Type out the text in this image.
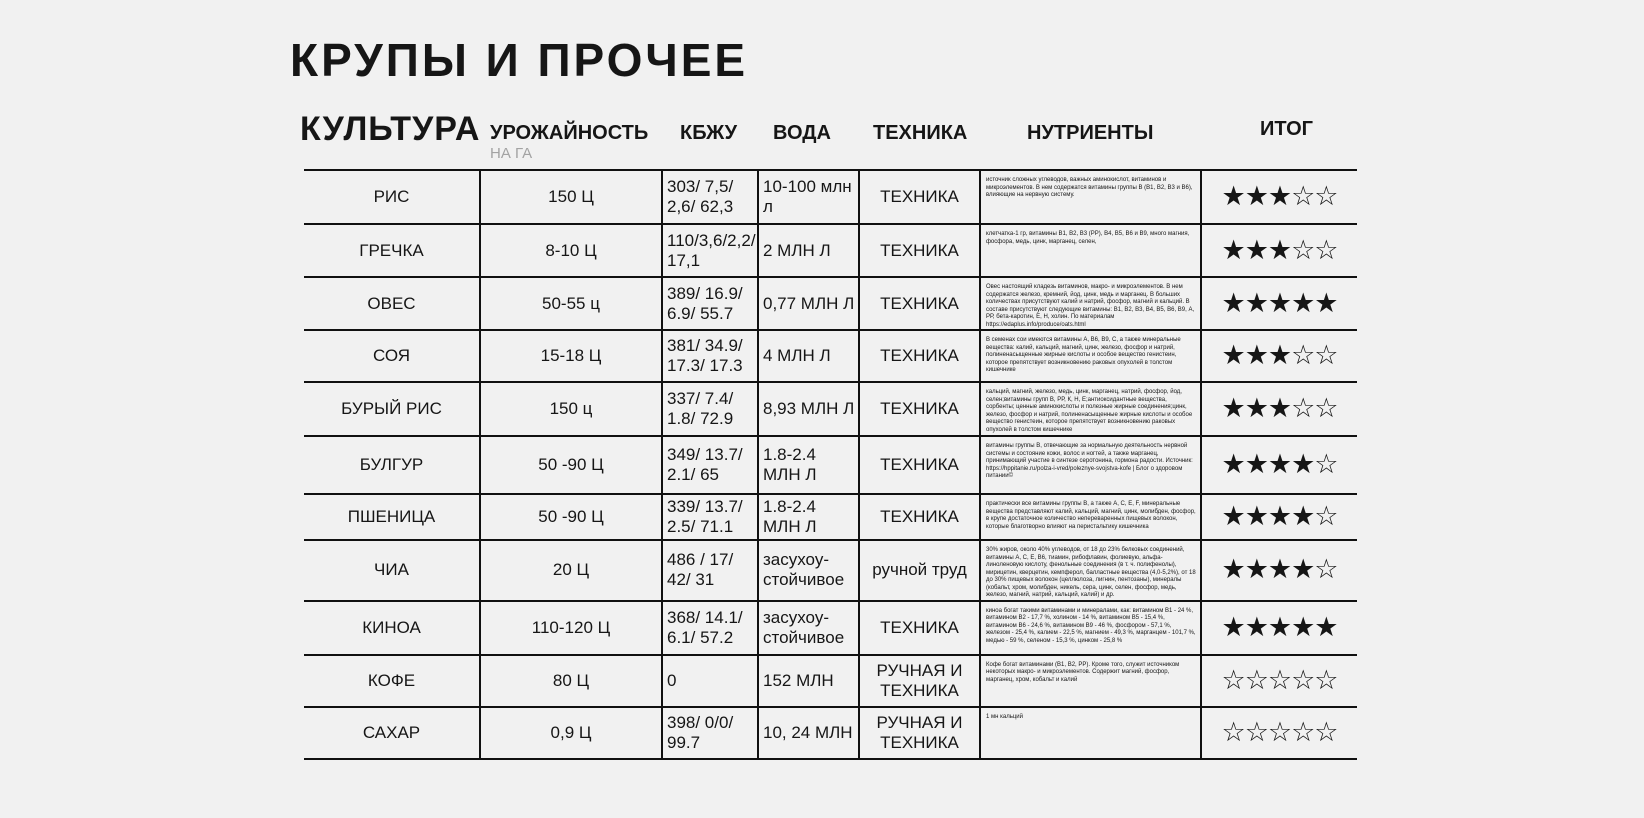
КРУПЫ И ПРОЧЕЕ
КУЛЬТУРА УРОЖАЙНОСТЬ
НА ГА
КБЖУ ВОДА ТЕХНИКА	НУТРИЕНТЫ	ИТОГ
РИС	150 Ц	303/ 7,5/ 2,6/ 62,3	10-100 млн л	ТЕХНИКА	источник сложных углеводов, важных аминокислот, витаминов и микроэлементов. В нем содержатся витамины группы В (В1, В2, В3 и В6), влияющие на нервную систему.	★★★☆☆
ГРЕЧКА	8-10 Ц	110/3,6/2,2/ 17,1	2 МЛН Л	ТЕХНИКА	клетчатка-1 гр, витамины В1, В2, В3 (РР), В4, В5, В6 и В9, много магния, фосфора, медь, цинк, марганец, селен,	★★★☆☆
ОВЕС	50-55 ц	389/ 16.9/ 6.9/ 55.7	0,77 МЛН Л	ТЕХНИКА	Овес настоящий кладезь витаминов, макро- и микроэлементов. В нем содержатся железо, кремний, йод, цинк, медь и марганец. В больших количествах присутствуют калий и натрий, фосфор, магний и кальций. В составе присутствуют следующие витамины: В1, В2, В3, В4, В5, В6, В9, А, РР, бета-каротин, Е, Н, холин. По материалам https://edaplus.info/produce/oats.html	★★★★★
СОЯ	15-18 Ц	381/ 34.9/ 17.3/ 17.3	4 МЛН Л	ТЕХНИКА	В семенах сои имеются витамины А, В6, В9, С, а также минеральные вещества: калий, кальций, магний, цинк, железо, фосфор и натрий, полиненасыщенные жирные кислоты и особое вещество генистеин, которое препятствует возникновению раковых опухолей в толстом кишечнике	★★★☆☆
БУРЫЙ РИС	150 ц	337/ 7.4/ 1.8/ 72.9	8,93 МЛН Л	ТЕХНИКА	кальций, магний, железо, медь, цинк, марганец, натрий, фосфор, йод, селен;витамины групп В, РР, К, Н, Е;антиоксидантные вещества, сорбенты; ценные аминокислоты и полезные жирные соединения;цинк, железо, фосфор и натрий, полиненасыщенные жирные кислоты и особое вещество генистеин, которое препятствует возникновению раковых опухолей в толстом кишечнике	★★★☆☆
БУЛГУР	50 -90 Ц	349/ 13.7/ 2.1/ 65	1.8-2.4 МЛН Л	ТЕХНИКА	витамины группы В, отвечающие за нормальную деятельность нервной системы и состояние кожи, волос и ногтей, а также марганец, принимающий участие в синтезе серотонина, гормона радости. Источник: https://hppitanie.ru/polza-i-vred/poleznye-svojstva-kofe | Блог о здоровом питании©	★★★★☆
ПШЕНИЦА	50 -90 Ц	339/ 13.7/ 2.5/ 71.1	1.8-2.4 МЛН Л	ТЕХНИКА	практически все витамины группы В, а также А, С, Е, F, минеральные вещества представляют калий, кальций, магний, цинк, молибден, фосфор, в крупе достаточное количество непереваренных пищевых волокон, которые благотворно влияют на перистальтику кишечника	★★★★☆
ЧИА	20 Ц	486 / 17/ 42/ 31	засухоу-стойчивое	ручной труд	30% жиров, около 40% углеводов, от 18 до 23% белковых соединений, витамины А, С, Е, В6, тиамин, рибофлавин, фолиевую, альфа-линоленовую кислоту, фенольные соединения (в т. ч. полифенолы), мирицетин, кверцетин, кемпферол, балластные вещества (4,0-5,2%), от 18 до 30% пищевых волокон (целлюлоза, лигнин, пентозаны), минералы (кобальт, хром, молибден, никель, сера, цинк, селен, фосфор, медь, железо, магний, натрий, кальций, калий) и др.	★★★★☆
КИНОА	110-120 Ц	368/ 14.1/ 6.1/ 57.2	засухоу-стойчивое	ТЕХНИКА	киноа богат такими витаминами и минералами, как: витамином В1 - 24 %, витамином В2 - 17,7 %, холином - 14 %, витамином В5 - 15,4 %, витамином В6 - 24,6 %, витамином В9 - 46 %, фосфором - 57,1 %, железом - 25,4 %, калием - 22,5 %, магнием - 49,3 %, марганцем - 101,7 %, медью - 59 %, селеном - 15,3 %, цинком - 25,8 %	★★★★★
КОФЕ	80 Ц	0	152 МЛН	РУЧНАЯ И ТЕХНИКА	Кофе богат витаминами (В1, В2, РР). Кроме того, служит источником некоторых макро- и микроэлементов. Содержит магний, фосфор, марганец, хром, кобальт и калий	☆☆☆☆☆
САХАР	0,9 Ц	398/ 0/0/ 99.7	10, 24 МЛН	РУЧНАЯ И ТЕХНИКА	1 мн кальций	☆☆☆☆☆
